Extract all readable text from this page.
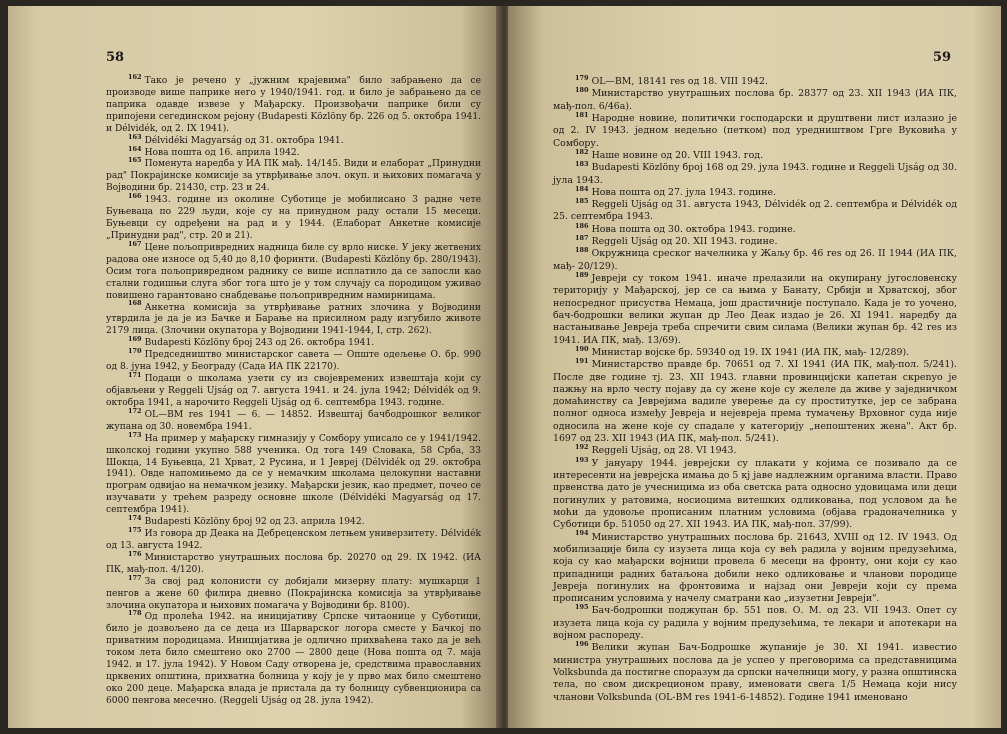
58

$^{162}$ Тако је речено у „јужним крајевима" било забрањено да се производе више паприке него у 1940/1941. год. и било је забрањено да се паприка одавде извезе у Мађарску. Произвођачи паприке били су припојени сегединском рејону (Budapesti Közlöny бр. 226 од 5. октобра 1941. и Délvidék, од 2. IX 1941).

$^{163}$ Délvidéki Magyarság од 31. октобра 1941.

$^{164}$ Нова пошта од 16. априла 1942.

$^{165}$ Поменута наредба у ИА ПК мађ. 14/145. Види и елаборат „Принудни рад" Покрајинске комисије за утврђивање злоч. окуп. и њихових помагача у Војводини бр. 21430, стр. 23 и 24.

$^{166}$ 1943. године из околине Суботице је мобилисано 3 радне чете Буњеваца по 229 људи, које су на принудном раду остали 15 месеци. Буњевци су одређени на рад и у 1944. (Елаборат Анкетне комисије „Принудни рад", стр. 20 и 21).

$^{167}$ Цене пољопривредних надница биле су врло ниске. У јеку жетвених радова оне износе од 5,40 до 8,10 форинти. (Budapesti Közlöny бр. 280/1943). Осим тога пољопривредном раднику се више исплатило да се запосли као стални годишњи слуга због тога што је у том случају са породицом уживао повишено гарантовано снабдевање пољопривредним намирницама.

$^{168}$ Анкетна комисија за утврђивање ратних злочина у Војводини утврдила је да је из Бачке и Барање на присилном раду изгубило животе 2179 лица. (Злочини окупатора у Војводини 1941-1944, I, стр. 262).

$^{169}$ Budapesti Közlöny број 243 од 26. октобра 1941.

$^{170}$ Председништво министарског савета — Опште одељење О. бр. 990 од 8. јуна 1942, у Београду (Сада ИА ПК 22170).

$^{171}$ Подаци о школама узети су из својевремених извештаја који су објављени у Reggeli Ujság од 7. августа 1941. и 24. јула 1942; Délvidék од 9. октобра 1941, а нарочито Reggeli Ujság од 6. септембра 1943. године.

$^{172}$ OL—BM res 1941 — 6. — 14852. Извештај бачбодрошког великог жупана од 30. новембра 1941.

$^{173}$ На пример у мађарску гимназију у Сомбору уписало се у 1941/1942. школској години укупно 588 ученика. Од тога 149 Словака, 58 Срба, 33 Шокца, 14 Буњевца, 21 Хрват, 2 Русина, и 1 Јеврej (Délvidék од 29. октобра 1941). Овде напомињемо да се у немачким школама целокупни наставни програм одвијао на немачком језику. Мађарски језик, као предмет, почео се изучавати у трећем разреду основне школе (Délvidéki Magyarság од 17. септембра 1941).

$^{174}$ Budapesti Közlöny број 92 од 23. априла 1942.

$^{175}$ Из говора др Деака на Дебреценском летњем универзитету. Délvidék од 13. августа 1942.

$^{176}$ Министарство унутрашњих послова бр. 20270 од 29. IX 1942. (ИА ПК, мађ-пол. 4/120).

$^{177}$ За свој рад колонисти су добијали мизерну плату: мушкарци 1 пенгов а жене 60 филира дневно (Покрајинска комисија за утврђивање злочина окупатора и њихових помагача у Војводини бр. 8100).

$^{178}$ Од пролећа 1942. на иницијативу Српске читаонице у Суботици, било је дозвољено да се деца из Шарварског логора сместе у Бачкој по приватним породицама. Иницијатива је одлично прихваћена тако да је већ током лета било смештено око 2700 — 2800 деце (Нова пошта од 7. маја 1942. и 17. јула 1942). У Новом Саду отворена је, средствима православних црквених општина, прихватна болница у коју је у прво мах било смештено око 200 деце. Мађарска влада је пристала да ту болницу субвенционира са 6000 пенгова месечно. (Reggeli Ujság од 28. јула 1942).

59

$^{179}$ OL—BM, 18141 res од 18. VIII 1942.

$^{180}$ Министарство унутрашњих послова бр. 28377 од 23. XII 1943 (ИА ПК, мађ-пол. 6/46а).

$^{181}$ Народне новине, политички господарски и друштвени лист излазио је од 2. IV 1943. једном недељно (петком) под уредништвом Грге Вуковића у Сомбору.

$^{182}$ Наше новине од 20. VIII 1943. год.

$^{183}$ Budapesti Közlöny број 168 од 29. јула 1943. године и Reggeli Ujság од 30. јула 1943.

$^{184}$ Нова пошта од 27. јула 1943. године.

$^{185}$ Reggeli Ujság од 31. августа 1943, Délvidék од 2. септембра и Délvidék од 25. септембра 1943.

$^{186}$ Нова пошта од 30. октобра 1943. године.

$^{187}$ Reggeli Ujság од 20. XII 1943. године.

$^{188}$ Окружница среског начелника у Жаљу бр. 46 res од 26. II 1944 (ИА ПК, мађ- 20/129).

$^{189}$ Јевреји су током 1941. иначе прелазили на окупирану југословенску територију у Мађарској, јер се са њима у Банату, Србији и Хрватској, због непосредног присуства Немаца, још драстичније поступало. Када је то уочено, бач-бодрошки велики жупан др Лео Деак издао је 26. XI 1941. наредбу да настањивање Јевреја треба спречити свим силама (Велики жупан бр. 42 res из 1941. ИА ПК, мађ. 13/69).

$^{190}$ Министар војске бр. 59340 од 19. IX 1941 (ИА ПК, мађ- 12/289).

$^{191}$ Министарство правде бр. 70651 од 7. XI 1941 (ИА ПК, мађ-пол. 5/241). После две године тј. 23. XII 1943. главни провинцијски капетан скреnуо је пажњу на врло честу појаву да су жене које су желеле да живе у заједничком домаћинству са Јеврејима вадиле уверење да су проститутке, јер се забрана полног односа између Јевреја и нејевреја према тумачењу Врховног суда није односила на жене које су спадале у категорију „непоштених жена". Акт бр. 1697 од 23. XII 1943 (ИА ПК, мађ-пол. 5/241).

$^{192}$ Reggeli Ujság, од 28. VI 1943.

$^{193}$ У јануару 1944. јеврејски су плакати у којима се позивало да се интересенти на јеврејска имања до 5 кј јаве надлежним органима власти. Право првенства дато је учесницима из оба светска рата односно удовицама или деци погинулих у ратовима, носиоцима витешких одликовања, под условом да ће моћи да удовоље прописаним платним условима (објава градоначелника у Суботици бр. 51050 од 27. XII 1943. ИА ПК, мађ-пол. 37/99).

$^{194}$ Министарство унутрашњих послова бр. 21643, XVIII од 12. IV 1943. Од мобилизације била су изузета лица која су већ радила у војним предузећима, која су као мађарски војници провела 6 месеци на фронту, они који су као припадници радних батаљона добили нeко одликовање и чланови породице Јевреја погинулих на фронтовима и најзад они Јевреји који су према прописаним условима у начелу сматрани као „изузетни Јевреји".

$^{195}$ Бач-бодрошки поджупан бр. 551 пов. О. М. од 23. VII 1943. Опет су изузета лица која су радила у војним предузећима, те лекари и апотекари на војном распореду.

$^{196}$ Велики жупан Бач-Бодрошке жупаније је 30. XI 1941. известио министра унутрашњих послова да је успео у преговорима са представницима Volksbunda да постигне споразум да српски начелници могу, у разна општинска тела, по свом дискреционом праву, именовати свега 1/5 Немаца који нису чланови Volksbunda (OL-BM res 1941-6-14852). Године 1941 именовано
